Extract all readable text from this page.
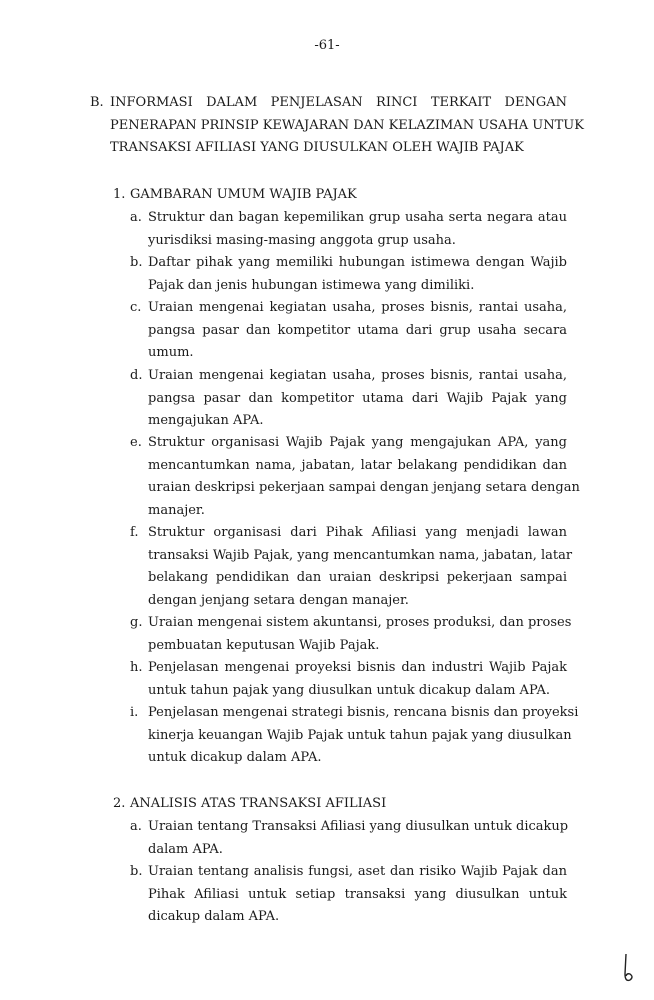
-61-
B. INFORMASI DALAM PENJELASAN RINCI TERKAIT DENGAN
PENERAPAN PRINSIP KEWAJARAN DAN KELAZIMAN USAHA UNTUK
TRANSAKSI AFILIASI YANG DIUSULKAN OLEH WAJIB PAJAK
1. GAMBARAN UMUM WAJIB PAJAK
a. Struktur dan bagan kepemilikan grup usaha serta negara atau
yurisdiksi masing-masing anggota grup usaha.
b. Daftar pihak yang memiliki hubungan istimewa dengan Wajib
Pajak dan jenis hubungan istimewa yang dimiliki.
c. Uraian mengenai kegiatan usaha, proses bisnis, rantai usaha,
pangsa pasar dan kompetitor utama dari grup usaha secara
umum.
d. Uraian mengenai kegiatan usaha, proses bisnis, rantai usaha,
pangsa pasar dan kompetitor utama dari Wajib Pajak yang
mengajukan APA.
e. Struktur organisasi Wajib Pajak yang mengajukan APA, yang
mencantumkan nama, jabatan, latar belakang pendidikan dan
uraian deskripsi pekerjaan sampai dengan jenjang setara dengan
manajer.
f. Struktur organisasi dari Pihak Afiliasi yang menjadi lawan
transaksi Wajib Pajak, yang mencantumkan nama, jabatan, latar
belakang pendidikan dan uraian deskripsi pekerjaan sampai
dengan jenjang setara dengan manajer.
g. Uraian mengenai sistem akuntansi, proses produksi, dan proses
pembuatan keputusan Wajib Pajak.
h. Penjelasan mengenai proyeksi bisnis dan industri Wajib Pajak
untuk tahun pajak yang diusulkan untuk dicakup dalam APA.
i. Penjelasan mengenai strategi bisnis, rencana bisnis dan proyeksi
kinerja keuangan Wajib Pajak untuk tahun pajak yang diusulkan
untuk dicakup dalam APA.
2. ANALISIS ATAS TRANSAKSI AFILIASI
a. Uraian tentang Transaksi Afiliasi yang diusulkan untuk dicakup
dalam APA.
b. Uraian tentang analisis fungsi, aset dan risiko Wajib Pajak dan
Pihak Afiliasi untuk setiap transaksi yang diusulkan untuk
dicakup dalam APA.
